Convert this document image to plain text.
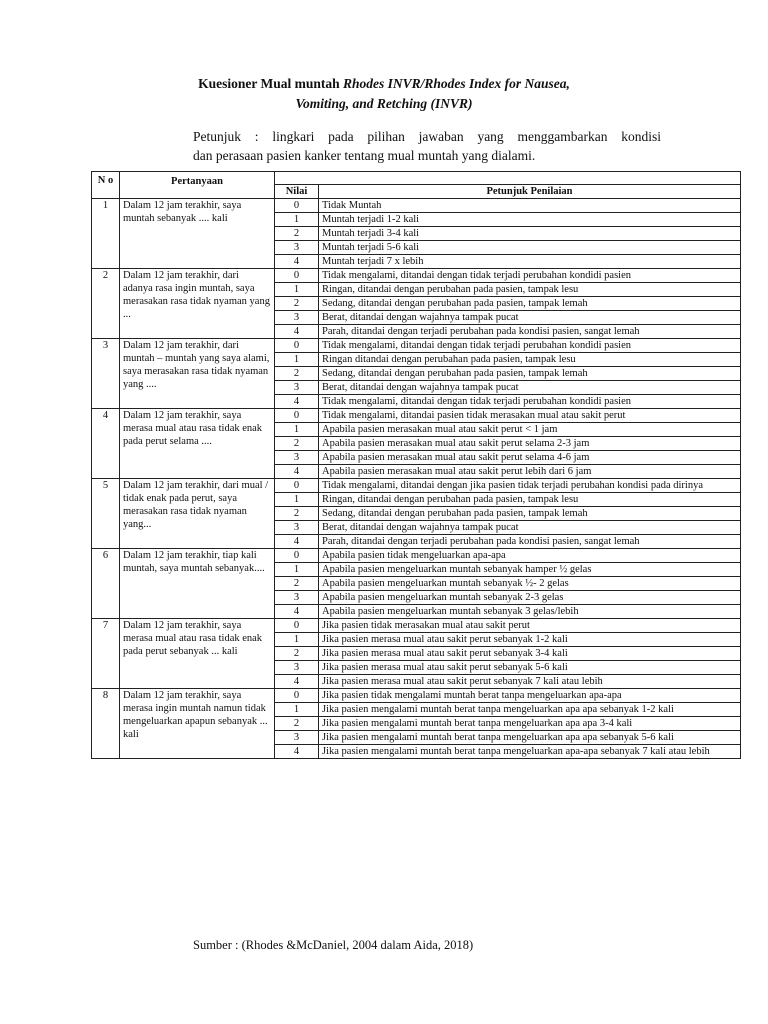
Kuesioner Mual muntah Rhodes INVR/Rhodes Index for Nausea,
Vomiting, and Retching (INVR)
Petunjuk : lingkari pada pilihan jawaban yang menggambarkan kondisi
dan perasaan pasien kanker tentang mual muntah yang dialami.
N o	Pertanyaan		
		Nilai	Petunjuk Penilaian
1	Dalam 12 jam terakhir, saya muntah sebanyak .... kali	0	Tidak Muntah
		1	Muntah terjadi 1-2 kali
		2	Muntah terjadi 3-4 kali
		3	Muntah terjadi 5-6 kali
		4	Muntah terjadi 7 x lebih
2	Dalam 12 jam terakhir, dari adanya rasa ingin muntah, saya merasakan rasa tidak nyaman yang ...	0	Tidak mengalami, ditandai dengan tidak terjadi perubahan kondidi pasien
		1	Ringan, ditandai dengan perubahan pada pasien, tampak lesu
		2	Sedang, ditandai dengan perubahan pada pasien, tampak lemah
		3	Berat, ditandai dengan wajahnya tampak pucat
		4	Parah, ditandai dengan terjadi perubahan pada kondisi pasien, sangat lemah
3	Dalam 12 jam terakhir, dari muntah – muntah yang saya alami, saya merasakan rasa tidak nyaman yang ....	0	Tidak mengalami, ditandai dengan tidak terjadi perubahan kondidi pasien
		1	Ringan ditandai dengan perubahan pada pasien, tampak lesu
		2	Sedang, ditandai dengan perubahan pada pasien, tampak lemah
		3	Berat, ditandai dengan wajahnya tampak pucat
		4	Tidak mengalami, ditandai dengan tidak terjadi perubahan kondidi pasien
4	Dalam 12 jam terakhir, saya merasa mual atau rasa tidak enak pada perut selama ....	0	Tidak mengalami, ditandai pasien tidak merasakan mual atau sakit perut
		1	Apabila pasien merasakan mual atau sakit perut < 1 jam
		2	Apabila pasien merasakan mual atau sakit perut selama 2-3 jam
		3	Apabila pasien merasakan mual atau sakit perut selama 4-6 jam
		4	Apabila pasien merasakan mual atau sakit perut lebih dari 6 jam
5	Dalam 12 jam terakhir, dari mual / tidak enak pada perut, saya merasakan rasa tidak nyaman yang...	0	Tidak mengalami, ditandai dengan jika pasien tidak terjadi perubahan kondisi pada dirinya
		1	Ringan, ditandai dengan perubahan pada pasien, tampak lesu
		2	Sedang, ditandai dengan perubahan pada pasien, tampak lemah
		3	Berat, ditandai dengan wajahnya tampak pucat
		4	Parah, ditandai dengan terjadi perubahan pada kondisi pasien, sangat lemah
6	Dalam 12 jam terakhir, tiap kali muntah, saya muntah sebanyak....	0	Apabila pasien tidak mengeluarkan apa-apa
		1	Apabila pasien mengeluarkan muntah sebanyak hamper ½ gelas
		2	Apabila pasien mengeluarkan muntah sebanyak ½- 2 gelas
		3	Apabila pasien mengeluarkan muntah sebanyak 2-3 gelas
		4	Apabila pasien mengeluarkan muntah sebanyak 3 gelas/lebih
7	Dalam 12 jam terakhir, saya merasa mual atau rasa tidak enak pada perut sebanyak ... kali	0	Jika pasien tidak merasakan mual atau sakit perut
		1	Jika pasien merasa mual atau sakit perut sebanyak 1-2 kali
		2	Jika pasien merasa mual atau sakit perut sebanyak 3-4 kali
		3	Jika pasien merasa mual atau sakit perut sebanyak 5-6 kali
		4	Jika pasien merasa mual atau sakit perut sebanyak 7 kali atau lebih
8	Dalam 12 jam terakhir, saya merasa ingin muntah namun tidak mengeluarkan apapun sebanyak ... kali	0	Jika pasien tidak mengalami muntah berat tanpa mengeluarkan apa-apa
		1	Jika pasien mengalami muntah berat tanpa mengeluarkan apa apa sebanyak 1-2 kali
		2	Jika pasien mengalami muntah berat tanpa mengeluarkan apa apa 3-4 kali
		3	Jika pasien mengalami muntah berat tanpa mengeluarkan apa apa sebanyak 5-6 kali
		4	Jika pasien mengalami muntah berat tanpa mengeluarkan apa-apa sebanyak 7 kali atau lebih
Sumber : (Rhodes &McDaniel, 2004 dalam Aida, 2018)
